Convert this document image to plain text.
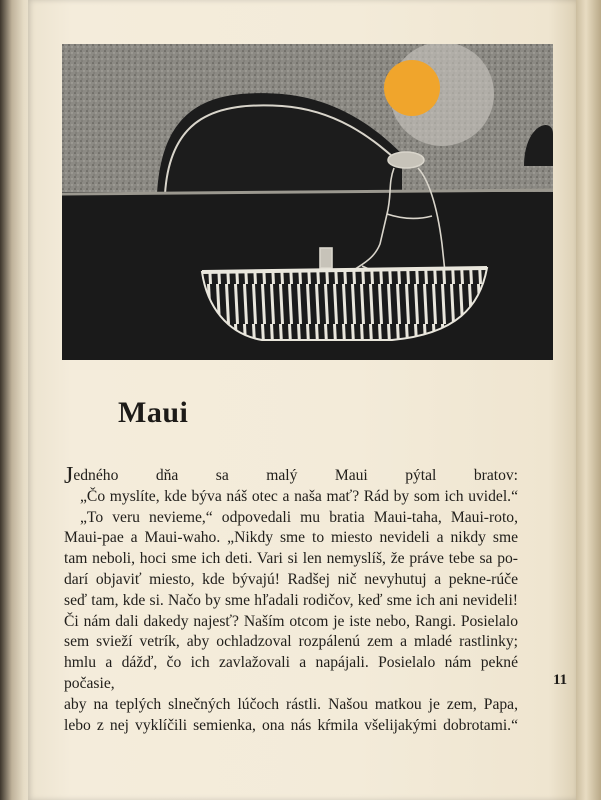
Maui

Jedného dňa sa malý Maui pýtal bratov:

„Čo myslíte, kde býva náš otec a naša mať? Rád by som ich uvidel.“

„To veru nevieme,“ odpovedali mu bratia Maui-taha, Maui-roto,

Maui-pae a Maui-waho. „Nikdy sme to miesto nevideli a nikdy sme

tam neboli, hoci sme ich deti. Vari si len nemyslíš, že práve tebe sa po-

darí objaviť miesto, kde bývajú! Radšej nič nevyhutuj a pekne-rúče

seď tam, kde si. Načo by sme hľadali rodičov, keď sme ich ani nevideli!

Či nám dali dakedy najesť? Naším otcom je iste nebo, Rangi. Posielalo

sem svieží vetrík, aby ochladzoval rozpálenú zem a mladé rastlinky;

hmlu a dážď, čo ich zavlažovali a napájali. Posielalo nám pekné počasie,

aby na teplých slnečných lúčoch rástli. Našou matkou je zem, Papa,

lebo z nej vyklíčili semienka, ona nás kŕmila všelijakými dobrotami.“

11
